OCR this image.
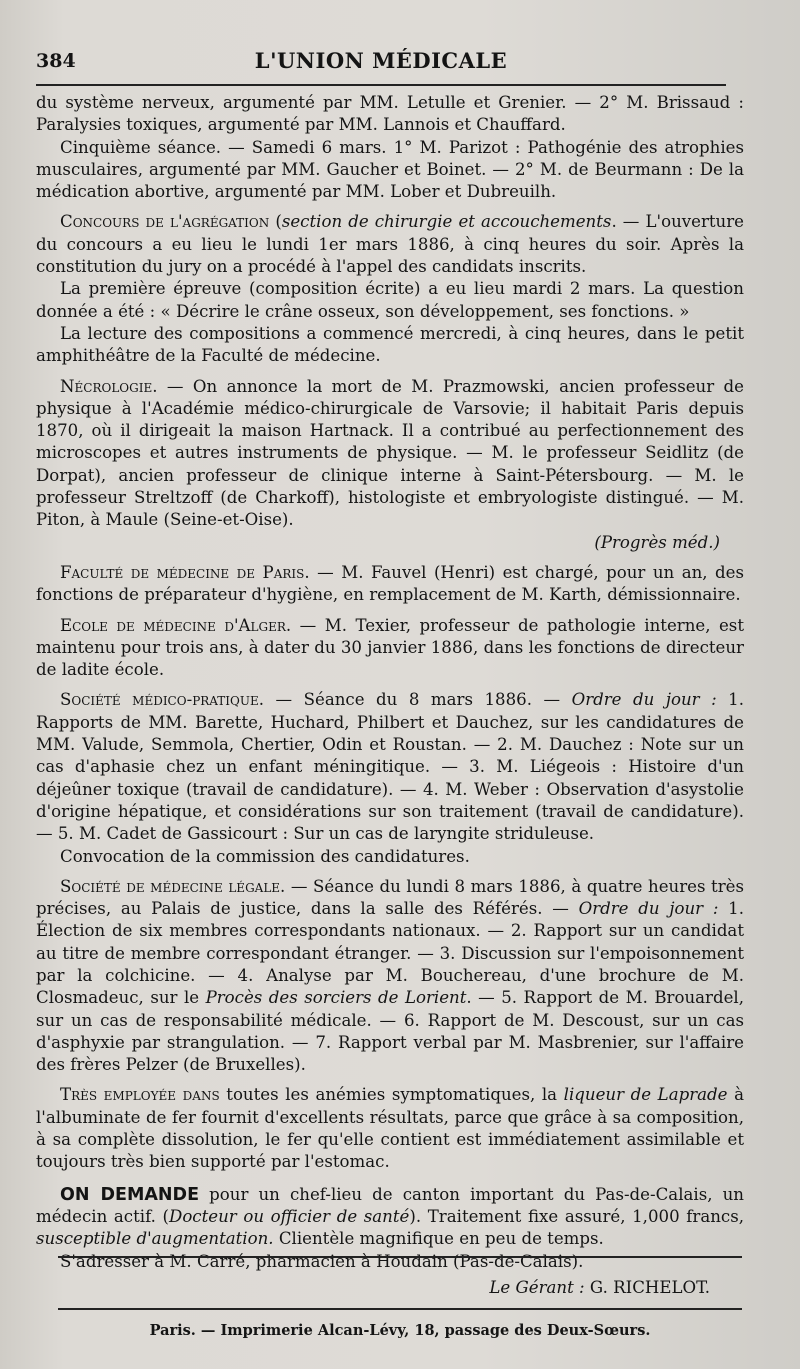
384	L'UNION MÉDICALE

du système nerveux, argumenté par MM. Letulle et Grenier. — 2° M. Brissaud : Paralysies toxiques, argumenté par MM. Lannois et Chauffard.

Cinquième séance. — Samedi 6 mars. 1° M. Parizot : Pathogénie des atrophies musculaires, argumenté par MM. Gaucher et Boinet. — 2° M. de Beurmann : De la médication abortive, argumenté par MM. Lober et Dubreuilh.

Concours de l'agrégation (section de chirurgie et accouchements. — L'ouverture du concours a eu lieu le lundi 1er mars 1886, à cinq heures du soir. Après la constitution du jury on a procédé à l'appel des candidats inscrits.

La première épreuve (composition écrite) a eu lieu mardi 2 mars. La question donnée a été : « Décrire le crâne osseux, son développement, ses fonctions. »

La lecture des compositions a commencé mercredi, à cinq heures, dans le petit amphithéâtre de la Faculté de médecine.

Nécrologie. — On annonce la mort de M. Prazmowski, ancien professeur de physique à l'Académie médico-chirurgicale de Varsovie; il habitait Paris depuis 1870, où il dirigeait la maison Hartnack. Il a contribué au perfectionnement des microscopes et autres instruments de physique. — M. le professeur Seidlitz (de Dorpat), ancien professeur de clinique interne à Saint-Pétersbourg. — M. le professeur Streltzoff (de Charkoff), histologiste et embryologiste distingué. — M. Piton, à Maule (Seine-et-Oise).

(Progrès méd.)

Faculté de médecine de Paris. — M. Fauvel (Henri) est chargé, pour un an, des fonctions de préparateur d'hygiène, en remplacement de M. Karth, démissionnaire.

Ecole de médecine d'Alger. — M. Texier, professeur de pathologie interne, est maintenu pour trois ans, à dater du 30 janvier 1886, dans les fonctions de directeur de ladite école.

Société médico-pratique. — Séance du 8 mars 1886. — Ordre du jour : 1. Rapports de MM. Barette, Huchard, Philbert et Dauchez, sur les candidatures de MM. Valude, Semmola, Chertier, Odin et Roustan. — 2. M. Dauchez : Note sur un cas d'aphasie chez un enfant méningitique. — 3. M. Liégeois : Histoire d'un déjeûner toxique (travail de candidature). — 4. M. Weber : Observation d'asystolie d'origine hépatique, et considérations sur son traitement (travail de candidature). — 5. M. Cadet de Gassicourt : Sur un cas de laryngite striduleuse.

Convocation de la commission des candidatures.

Société de médecine légale. — Séance du lundi 8 mars 1886, à quatre heures très précises, au Palais de justice, dans la salle des Référés. — Ordre du jour : 1. Élection de six membres correspondants nationaux. — 2. Rapport sur un candidat au titre de membre correspondant étranger. — 3. Discussion sur l'empoisonnement par la colchicine. — 4. Analyse par M. Bouchereau, d'une brochure de M. Closmadeuc, sur le Procès des sorciers de Lorient. — 5. Rapport de M. Brouardel, sur un cas de responsabilité médicale. — 6. Rapport de M. Descoust, sur un cas d'asphyxie par strangulation. — 7. Rapport verbal par M. Masbrenier, sur l'affaire des frères Pelzer (de Bruxelles).

Très employée dans toutes les anémies symptomatiques, la liqueur de Laprade à l'albuminate de fer fournit d'excellents résultats, parce que grâce à sa composition, à sa complète dissolution, le fer qu'elle contient est immédiatement assimilable et toujours très bien supporté par l'estomac.

ON DEMANDE pour un chef-lieu de canton important du Pas-de-Calais, un médecin actif. (Docteur ou officier de santé). Traitement fixe assuré, 1,000 francs, susceptible d'augmentation. Clientèle magnifique en peu de temps.

S'adresser à M. Carré, pharmacien à Houdain (Pas-de-Calais).

Le Gérant : G. RICHELOT.
Paris. — Imprimerie Alcan-Lévy, 18, passage des Deux-Sœurs.
